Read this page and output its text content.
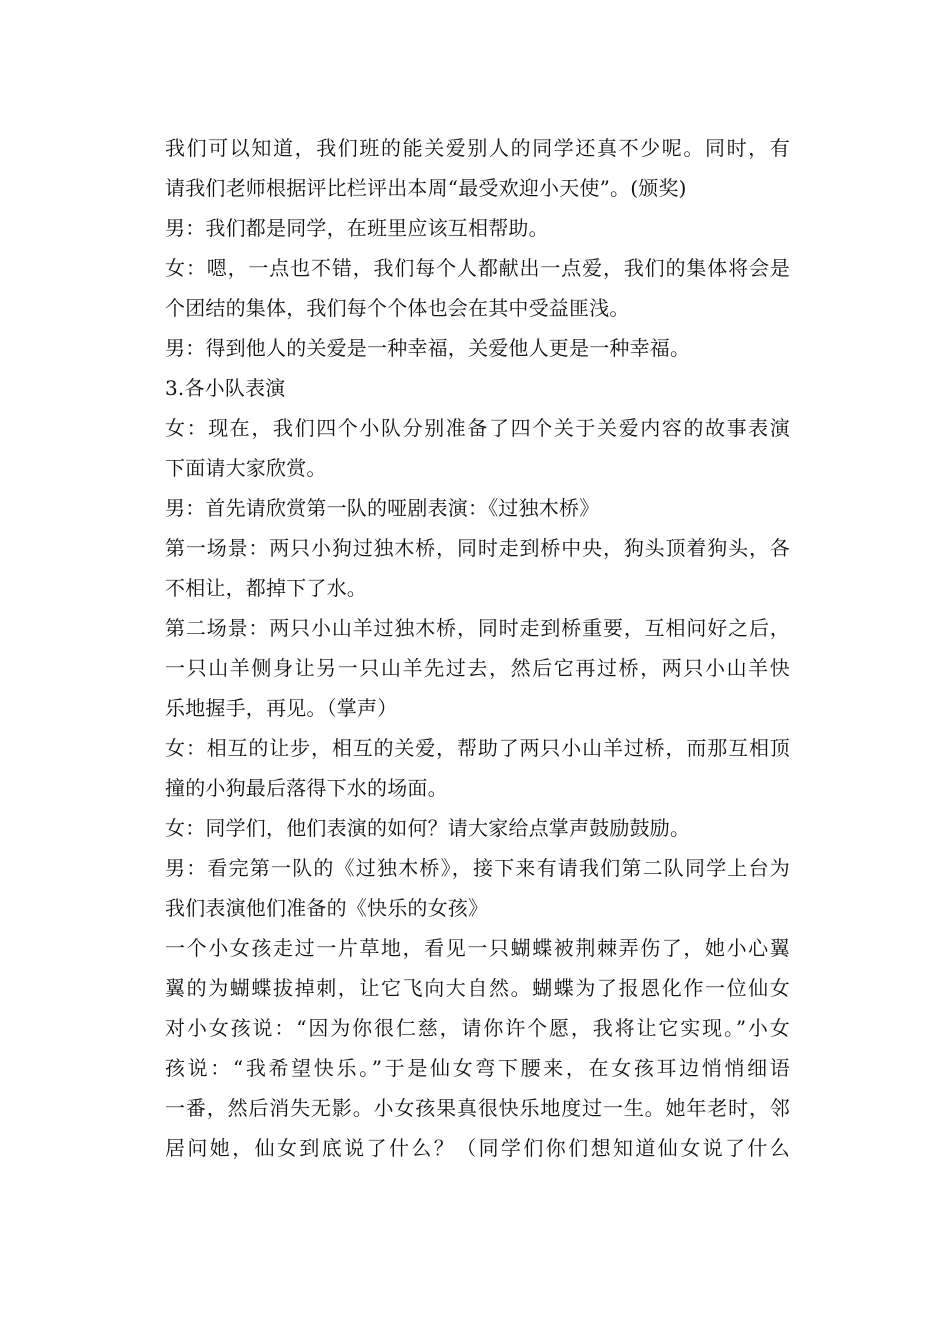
我们可以知道，我们班的能关爱别人的同学还真不少呢。同时，有
请我们老师根据评比栏评出本周“最受欢迎小天使”。(颁奖)
男：我们都是同学，在班里应该互相帮助。
女：嗯，一点也不错，我们每个人都献出一点爱，我们的集体将会是
个团结的集体，我们每个个体也会在其中受益匪浅。
男：得到他人的关爱是一种幸福，关爱他人更是一种幸福。
3.各小队表演
女：现在，我们四个小队分别准备了四个关于关爱内容的故事表演
下面请大家欣赏。
男：首先请欣赏第一队的哑剧表演：《过独木桥》
第一场景：两只小狗过独木桥，同时走到桥中央，狗头顶着狗头，各
不相让，都掉下了水。
第二场景：两只小山羊过独木桥，同时走到桥重要，互相问好之后，
一只山羊侧身让另一只山羊先过去，然后它再过桥，两只小山羊快
乐地握手，再见。（掌声）
女：相互的让步，相互的关爱，帮助了两只小山羊过桥，而那互相顶
撞的小狗最后落得下水的场面。
女：同学们，他们表演的如何？请大家给点掌声鼓励鼓励。
男：看完第一队的《过独木桥》，接下来有请我们第二队同学上台为
我们表演他们准备的《快乐的女孩》
一个小女孩走过一片草地，看见一只蝴蝶被荆棘弄伤了，她小心翼
翼的为蝴蝶拔掉刺，让它飞向大自然。蝴蝶为了报恩化作一位仙女
对小女孩说：“因为你很仁慈，请你许个愿，我将让它实现。”小女
孩说：“我希望快乐。”于是仙女弯下腰来，在女孩耳边悄悄细语
一番，然后消失无影。小女孩果真很快乐地度过一生。她年老时，邻
居问她，仙女到底说了什么？（同学们你们想知道仙女说了什么
